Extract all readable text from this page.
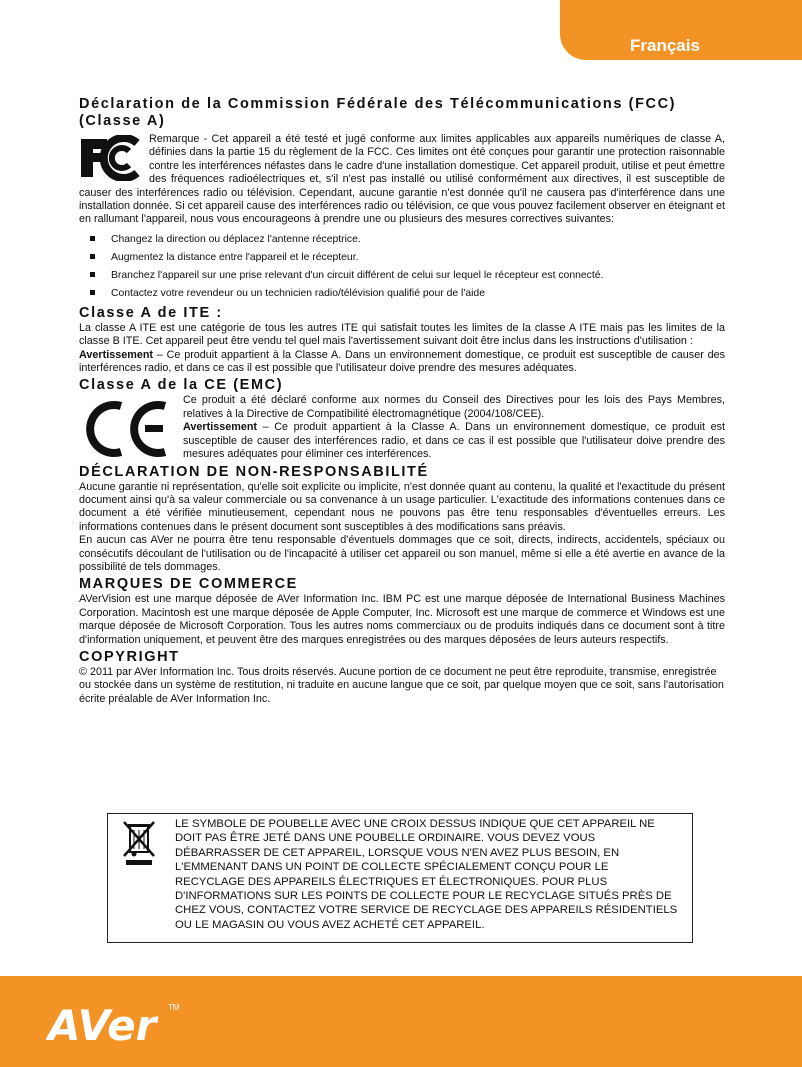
Français
Déclaration de la Commission Fédérale des Télécommunications (FCC) (Classe A)

Remarque - Cet appareil a été testé et jugé conforme aux limites applicables aux appareils numériques de classe A, définies dans la partie 15 du règlement de la FCC. Ces limites ont été conçues pour garantir une protection raisonnable contre les interférences néfastes dans le cadre d'une installation domestique. Cet appareil produit, utilise et peut émettre des fréquences radioélectriques et, s'il n'est pas installé ou utilisé conformément aux directives, il est susceptible de causer des interférences radio ou télévision. Cependant, aucune garantie n'est donnée qu'il ne causera pas d'interférence dans une installation donnée. Si cet appareil cause des interférences radio ou télévision, ce que vous pouvez facilement observer en éteignant et en rallumant l'appareil, nous vous encourageons à prendre une ou plusieurs des mesures correctives suivantes:

Changez la direction ou déplacez l'antenne réceptrice.
Augmentez la distance entre l'appareil et le récepteur.
Branchez l'appareil sur une prise relevant d'un circuit différent de celui sur lequel le récepteur est connecté.
Contactez votre revendeur ou un technicien radio/télévision qualifié pour de l'aide
Classe A de ITE :

La classe A ITE est une catégorie de tous les autres ITE qui satisfait toutes les limites de la classe A ITE mais pas les limites de la classe B ITE. Cet appareil peut être vendu tel quel mais l'avertissement suivant doit être inclus dans les instructions d'utilisation :

Avertissement – Ce produit appartient à la Classe A. Dans un environnement domestique, ce produit est susceptible de causer des interférences radio, et dans ce cas il est possible que l'utilisateur doive prendre des mesures adéquates.

Classe A de la CE (EMC)

Ce produit a été déclaré conforme aux normes du Conseil des Directives pour les lois des Pays Membres, relatives à la Directive de Compatibilité électromagnétique (2004/108/CEE).

Avertissement – Ce produit appartient à la Classe A. Dans un environnement domestique, ce produit est susceptible de causer des interférences radio, et dans ce cas il est possible que l'utilisateur doive prendre des mesures adéquates pour éliminer ces interférences.

DÉCLARATION DE NON-RESPONSABILITÉ

Aucune garantie ni représentation, qu'elle soit explicite ou implicite, n'est donnée quant au contenu, la qualité et l'exactitude du présent document ainsi qu'à sa valeur commerciale ou sa convenance à un usage particulier. L'exactitude des informations contenues dans ce document a été vérifiée minutieusement, cependant nous ne pouvons pas être tenu responsables d'éventuelles erreurs. Les informations contenues dans le présent document sont susceptibles à des modifications sans préavis.

En aucun cas AVer ne pourra être tenu responsable d'éventuels dommages que ce soit, directs, indirects, accidentels, spéciaux ou consécutifs découlant de l'utilisation ou de l'incapacité à utiliser cet appareil ou son manuel, même si elle a été avertie en avance de la possibilité de tels dommages.

MARQUES DE COMMERCE

AVerVision est une marque déposée de AVer Information Inc. IBM PC est une marque déposée de International Business Machines Corporation. Macintosh est une marque déposée de Apple Computer, Inc. Microsoft est une marque de commerce et Windows est une marque déposée de Microsoft Corporation. Tous les autres noms commerciaux ou de produits indiqués dans ce document sont à titre d'information uniquement, et peuvent être des marques enregistrées ou des marques déposées de leurs auteurs respectifs.

COPYRIGHT

© 2011 par AVer Information Inc. Tous droits réservés. Aucune portion de ce document ne peut être reproduite, transmise, enregistrée ou stockée dans un système de restitution, ni traduite en aucune langue que ce soit, par quelque moyen que ce soit, sans l'autorisation écrite préalable de AVer Information Inc.

LE SYMBOLE DE POUBELLE AVEC UNE CROIX DESSUS INDIQUE QUE CET APPAREIL NE DOIT PAS ÊTRE JETÉ DANS UNE POUBELLE ORDINAIRE. VOUS DEVEZ VOUS DÉBARRASSER DE CET APPAREIL, LORSQUE VOUS N'EN AVEZ PLUS BESOIN, EN L'EMMENANT DANS UN POINT DE COLLECTE SPÉCIALEMENT CONÇU POUR LE RECYCLAGE DES APPAREILS ÉLECTRIQUES ET ÉLECTRONIQUES. POUR PLUS D'INFORMATIONS SUR LES POINTS DE COLLECTE POUR LE RECYCLAGE SITUÉS PRÈS DE CHEZ VOUS, CONTACTEZ VOTRE SERVICE DE RECYCLAGE DES APPAREILS RÉSIDENTIELS OU LE MAGASIN OU VOUS AVEZ ACHETÉ CET APPAREIL.
AVer TM
